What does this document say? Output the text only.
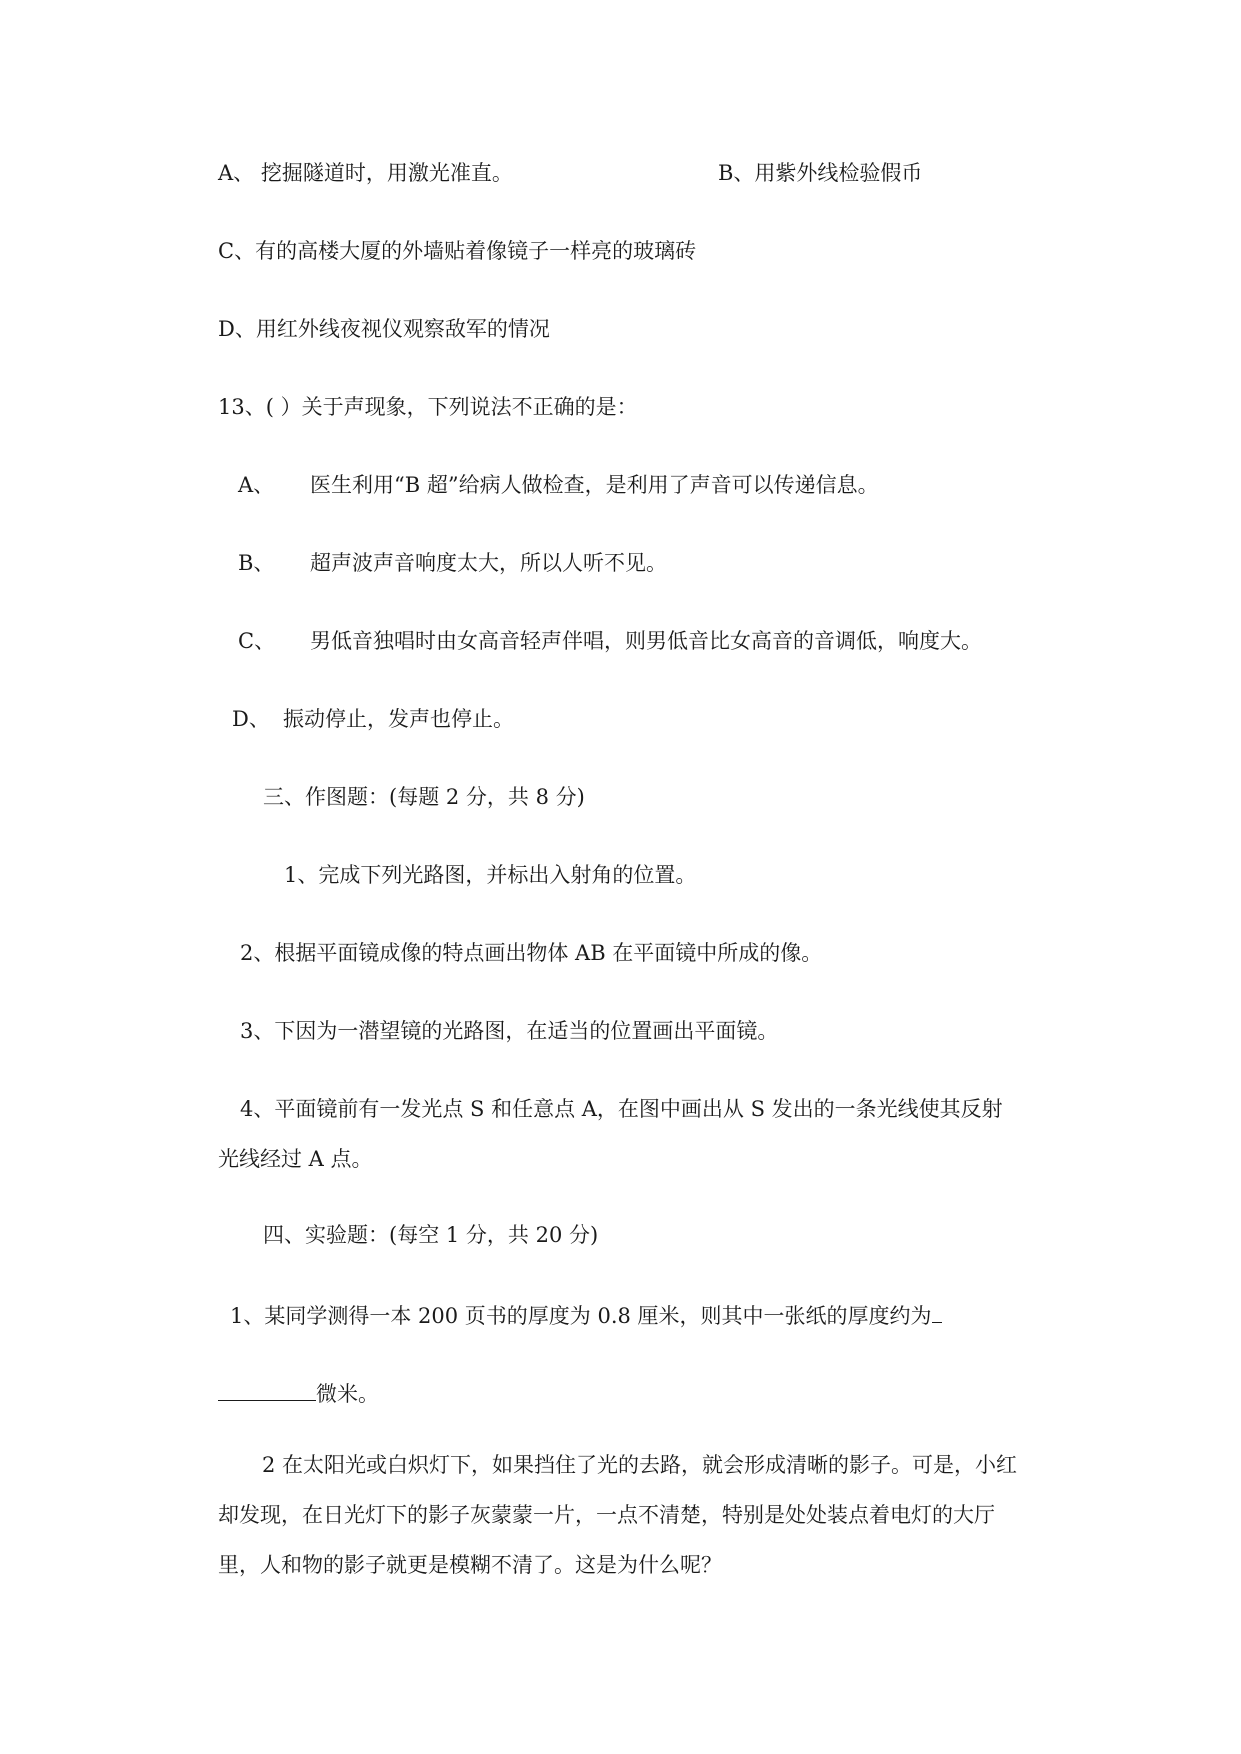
A、 挖掘隧道时，用激光准直。	B、用紫外线检验假币
C、有的高楼大厦的外墙贴着像镜子一样亮的玻璃砖
D、用红外线夜视仪观察敌军的情况
13、( ）关于声现象，下列说法不正确的是：
A、 医生利用“B 超”给病人做检查，是利用了声音可以传递信息。
B、 超声波声音响度太大，所以人听不见。
C、 男低音独唱时由女高音轻声伴唱，则男低音比女高音的音调低，响度大。
D、 振动停止，发声也停止。
三、作图题：(每题 2 分，共 8 分)
1、完成下列光路图，并标出入射角的位置。
2、根据平面镜成像的特点画出物体 AB 在平面镜中所成的像。
3、下因为一潜望镜的光路图，在适当的位置画出平面镜。
4、平面镜前有一发光点 S 和任意点 A，在图中画出从 S 发出的一条光线使其反射光线经过 A 点。
四、实验题：(每空 1 分，共 20 分)
1、某同学测得一本 200 页书的厚度为 0.8 厘米，则其中一张纸的厚度约为
微米。
2 在太阳光或白炽灯下，如果挡住了光的去路，就会形成清晰的影子。可是，小红却发现，在日光灯下的影子灰蒙蒙一片，一点不清楚，特别是处处装点着电灯的大厅里，人和物的影子就更是模糊不清了。这是为什么呢？
